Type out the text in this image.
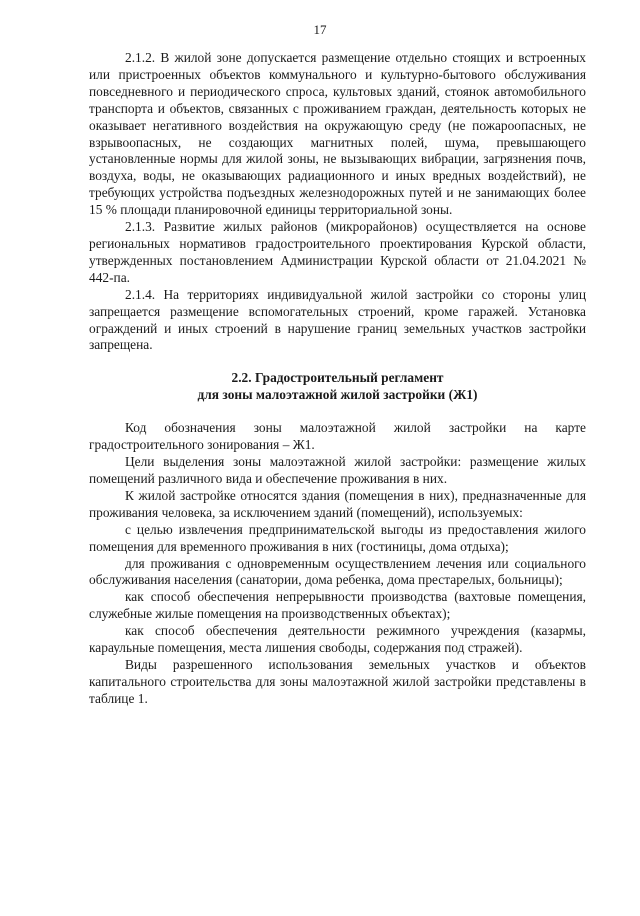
17

2.1.2. В жилой зоне допускается размещение отдельно стоящих и встроенных или пристроенных объектов коммунального и культурно-бытового обслуживания повседневного и периодического спроса, культовых зданий, стоянок автомобильного транспорта и объектов, связанных с проживанием граждан, деятельность которых не оказывает негативного воздействия на окружающую среду (не пожароопасных, не взрывоопасных, не создающих магнитных полей, шума, превышающего установленные нормы для жилой зоны, не вызывающих вибрации, загрязнения почв, воздуха, воды, не оказывающих радиационного и иных вредных воздействий), не требующих устройства подъездных железнодорожных путей и не занимающих более 15 % площади планировочной единицы территориальной зоны.

2.1.3. Развитие жилых районов (микрорайонов) осуществляется на основе региональных нормативов градостроительного проектирования Курской области, утвержденных постановлением Администрации Курской области от 21.04.2021 № 442-па.

2.1.4. На территориях индивидуальной жилой застройки со стороны улиц запрещается размещение вспомогательных строений, кроме гаражей. Установка ограждений и иных строений в нарушение границ земельных участков застройки запрещена.

2.2. Градостроительный регламент
для зоны малоэтажной жилой застройки (Ж1)

Код обозначения зоны малоэтажной жилой застройки на карте градостроительного зонирования – Ж1.

Цели выделения зоны малоэтажной жилой застройки: размещение жилых помещений различного вида и обеспечение проживания в них.

К жилой застройке относятся здания (помещения в них), предназначенные для проживания человека, за исключением зданий (помещений), используемых:

с целью извлечения предпринимательской выгоды из предоставления жилого помещения для временного проживания в них (гостиницы, дома отдыха);

для проживания с одновременным осуществлением лечения или социального обслуживания населения (санатории, дома ребенка, дома престарелых, больницы);

как способ обеспечения непрерывности производства (вахтовые помещения, служебные жилые помещения на производственных объектах);

как способ обеспечения деятельности режимного учреждения (казармы, караульные помещения, места лишения свободы, содержания под стражей).

Виды разрешенного использования земельных участков и объектов капитального строительства для зоны малоэтажной жилой застройки представлены в таблице 1.
